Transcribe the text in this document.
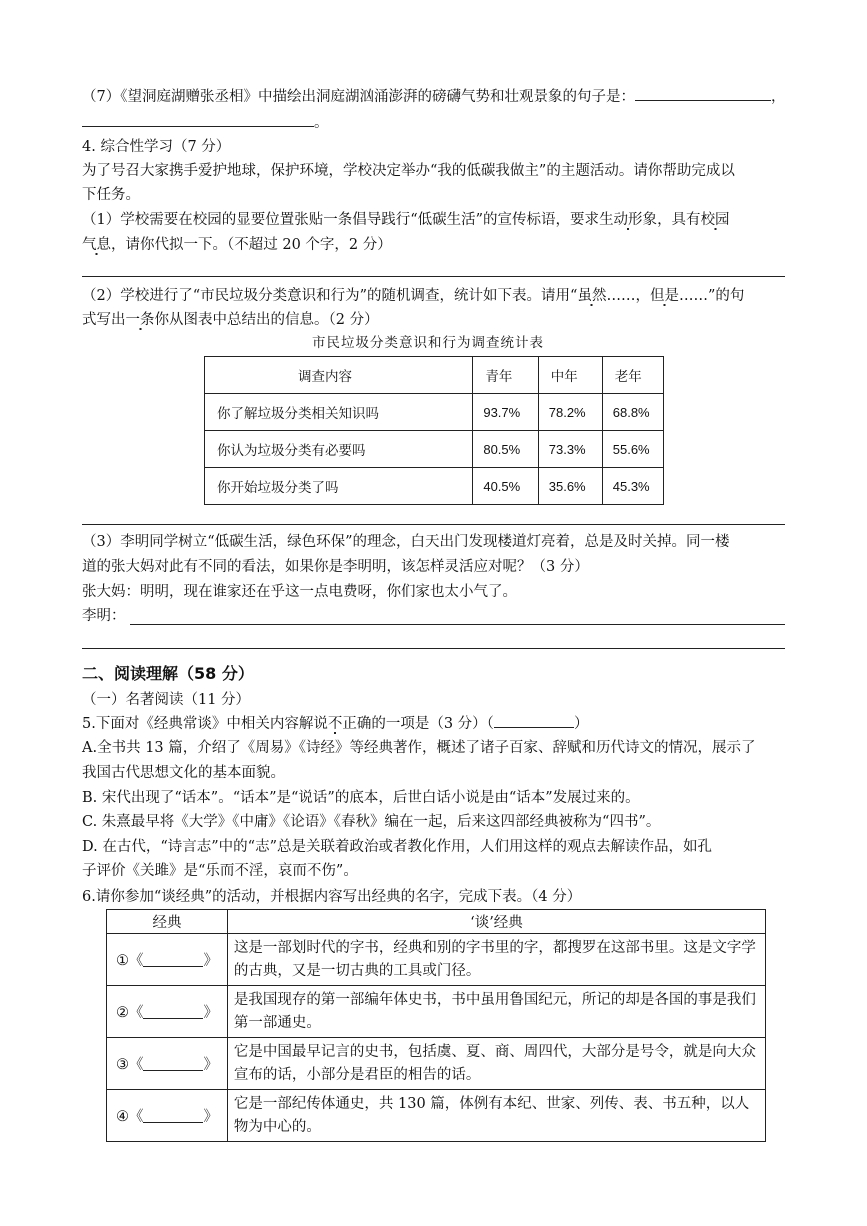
（7）《望洞庭湖赠张丞相》中描绘出洞庭湖汹涌澎湃的磅礴气势和壮观景象的句子是：	，
。
4. 综合性学习（7 分）
为了号召大家携手爱护地球，保护环境，学校决定举办“我的低碳我做主”的主题活动。请你帮助完成以
下任务。
（1）学校需要在校园的显要位置张贴一条倡导践行“低碳生活”的宣传标语，要求生动形象，具有校园
气息，请你代拟一下。（不超过 20 个字，2 分）
（2）学校进行了“市民垃圾分类意识和行为”的随机调查，统计如下表。请用“虽然……，但是……”的句
式写出一条你从图表中总结出的信息。（2 分）
市民垃圾分类意识和行为调查统计表
调查内容	青年	中年	老年
你了解垃圾分类相关知识吗	93.7%	78.2%	68.8%
你认为垃圾分类有必要吗	80.5%	73.3%	55.6%
你开始垃圾分类了吗	40.5%	35.6%	45.3%
（3）李明同学树立“低碳生活，绿色环保”的理念，白天出门发现楼道灯亮着，总是及时关掉。同一楼
道的张大妈对此有不同的看法，如果你是李明明，该怎样灵活应对呢？（3 分）
张大妈：明明，现在谁家还在乎这一点电费呀，你们家也太小气了。
李明：
二、阅读理解（58 分）
（一）名著阅读（11 分）
5.下面对《经典常谈》中相关内容解说不正确的一项是（3 分）（	）
A.全书共 13 篇，介绍了《周易》《诗经》等经典著作，概述了诸子百家、辞赋和历代诗文的情况，展示了
我国古代思想文化的基本面貌。
B. 宋代出现了“话本”。“话本”是“说话”的底本，后世白话小说是由“话本”发展过来的。
C. 朱熹最早将《大学》《中庸》《论语》《春秋》编在一起，后来这四部经典被称为“四书”。
D. 在古代，“诗言志”中的“志”总是关联着政治或者教化作用，人们用这样的观点去解读作品，如孔
子评价《关雎》是“乐而不淫，哀而不伤”。
6.请你参加“谈经典”的活动，并根据内容写出经典的名字，完成下表。（4 分）
经典	‘谈’经典
①《 》	这是一部划时代的字书，经典和别的字书里的字，都搜罗在这部书里。这是文字学的古典，又是一切古典的工具或门径。
②《 》	是我国现存的第一部编年体史书，书中虽用鲁国纪元，所记的却是各国的事是我们第一部通史。
③《 》	它是中国最早记言的史书，包括虞、夏、商、周四代，大部分是号令，就是向大众宣布的话，小部分是君臣的相告的话。
④《 》	它是一部纪传体通史，共 130 篇，体例有本纪、世家、列传、表、书五种，以人物为中心的。
